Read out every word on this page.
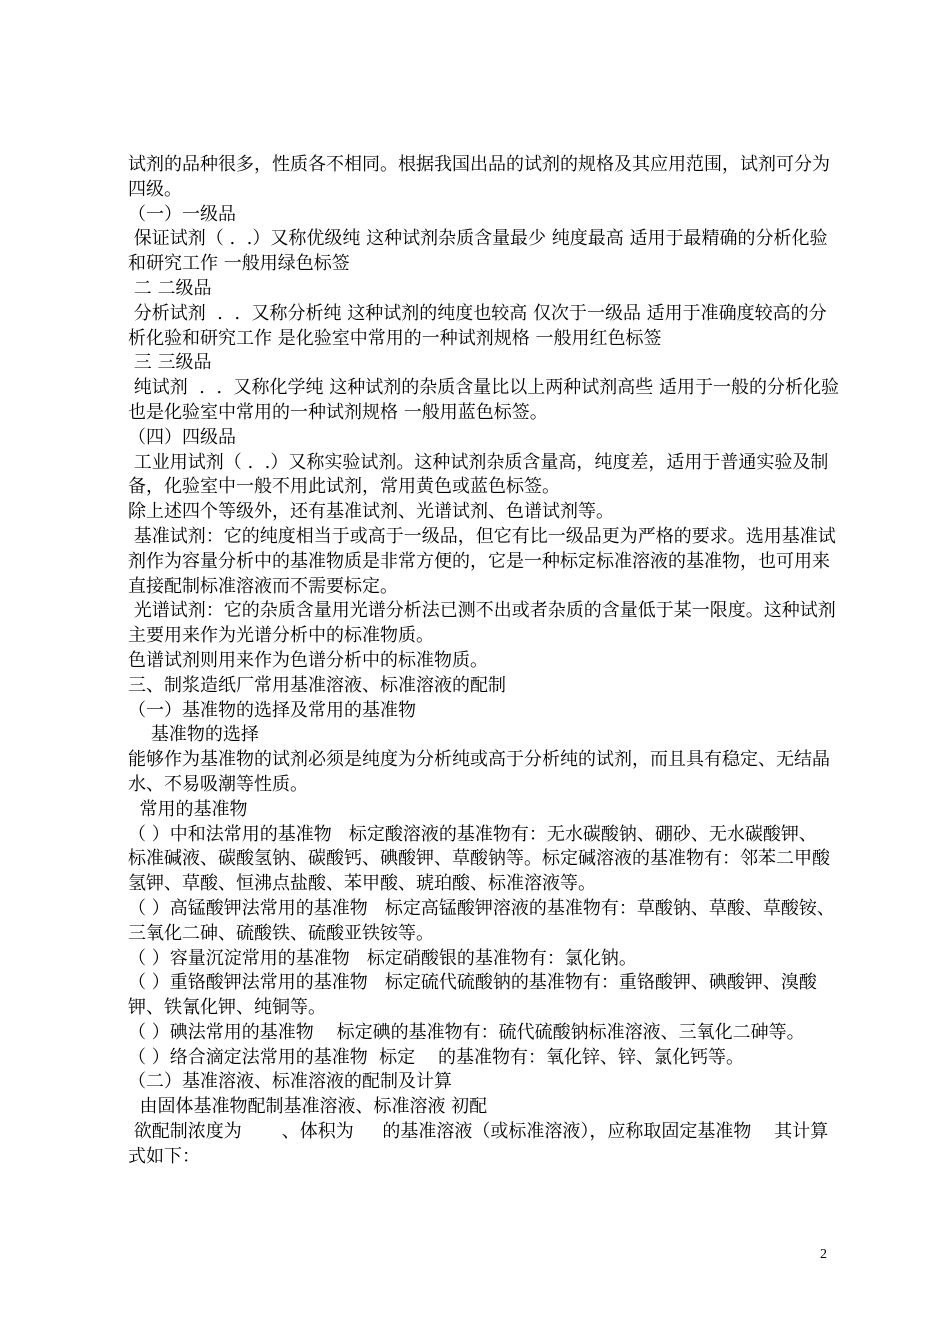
试剂的品种很多，性质各不相同。根据我国出品的试剂的规格及其应用范围，试剂可分为四级。

（一）一级品

保证试剂（ .  .）又称优级纯 这种试剂杂质含量最少 纯度最高 适用于最精确的分析化验和研究工作 一般用绿色标签

二 二级品

分析试剂  .  .  又称分析纯 这种试剂的纯度也较高 仅次于一级品 适用于准确度较高的分析化验和研究工作 是化验室中常用的一种试剂规格 一般用红色标签

三 三级品

纯试剂  .  .  又称化学纯 这种试剂的杂质含量比以上两种试剂高些 适用于一般的分析化验 也是化验室中常用的一种试剂规格 一般用蓝色标签。

（四）四级品

工业用试剂（ .  .）又称实验试剂。这种试剂杂质含量高，纯度差，适用于普通实验及制备，化验室中一般不用此试剂，常用黄色或蓝色标签。

除上述四个等级外，还有基准试剂、光谱试剂、色谱试剂等。

基准试剂：它的纯度相当于或高于一级品，但它有比一级品更为严格的要求。选用基准试剂作为容量分析中的基准物质是非常方便的，它是一种标定标准溶液的基准物，也可用来直接配制标准溶液而不需要标定。

光谱试剂：它的杂质含量用光谱分析法已测不出或者杂质的含量低于某一限度。这种试剂主要用来作为光谱分析中的标准物质。

色谱试剂则用来作为色谱分析中的标准物质。

三、制浆造纸厂常用基准溶液、标准溶液的配制

（一）基准物的选择及常用的基准物

基准物的选择

能够作为基准物的试剂必须是纯度为分析纯或高于分析纯的试剂，而且具有稳定、无结晶水、不易吸潮等性质。

常用的基准物

（ ）中和法常用的基准物   标定酸溶液的基准物有：无水碳酸钠、硼砂、无水碳酸钾、 标准碱液、碳酸氢钠、碳酸钙、碘酸钾、草酸钠等。标定碱溶液的基准物有：邻苯二甲酸氢钾、草酸、恒沸点盐酸、苯甲酸、琥珀酸、标准溶液等。

（ ）高锰酸钾法常用的基准物   标定高锰酸钾溶液的基准物有：草酸钠、草酸、草酸铵、三氧化二砷、硫酸铁、硫酸亚铁铵等。

（ ）容量沉淀常用的基准物   标定硝酸银的基准物有：氯化钠。

（ ）重铬酸钾法常用的基准物   标定硫代硫酸钠的基准物有：重铬酸钾、碘酸钾、溴酸钾、铁氰化钾、纯铜等。

（ ）碘法常用的基准物    标定碘的基准物有：硫代硫酸钠标准溶液、三氧化二砷等。

（ ）络合滴定法常用的基准物  标定    的基准物有：氧化锌、锌、氯化钙等。

（二）基准溶液、标准溶液的配制及计算

由固体基准物配制基准溶液、标准溶液 初配

欲配制浓度为       、体积为     的基准溶液（或标准溶液），应称取固定基准物    其计算式如下：

2
